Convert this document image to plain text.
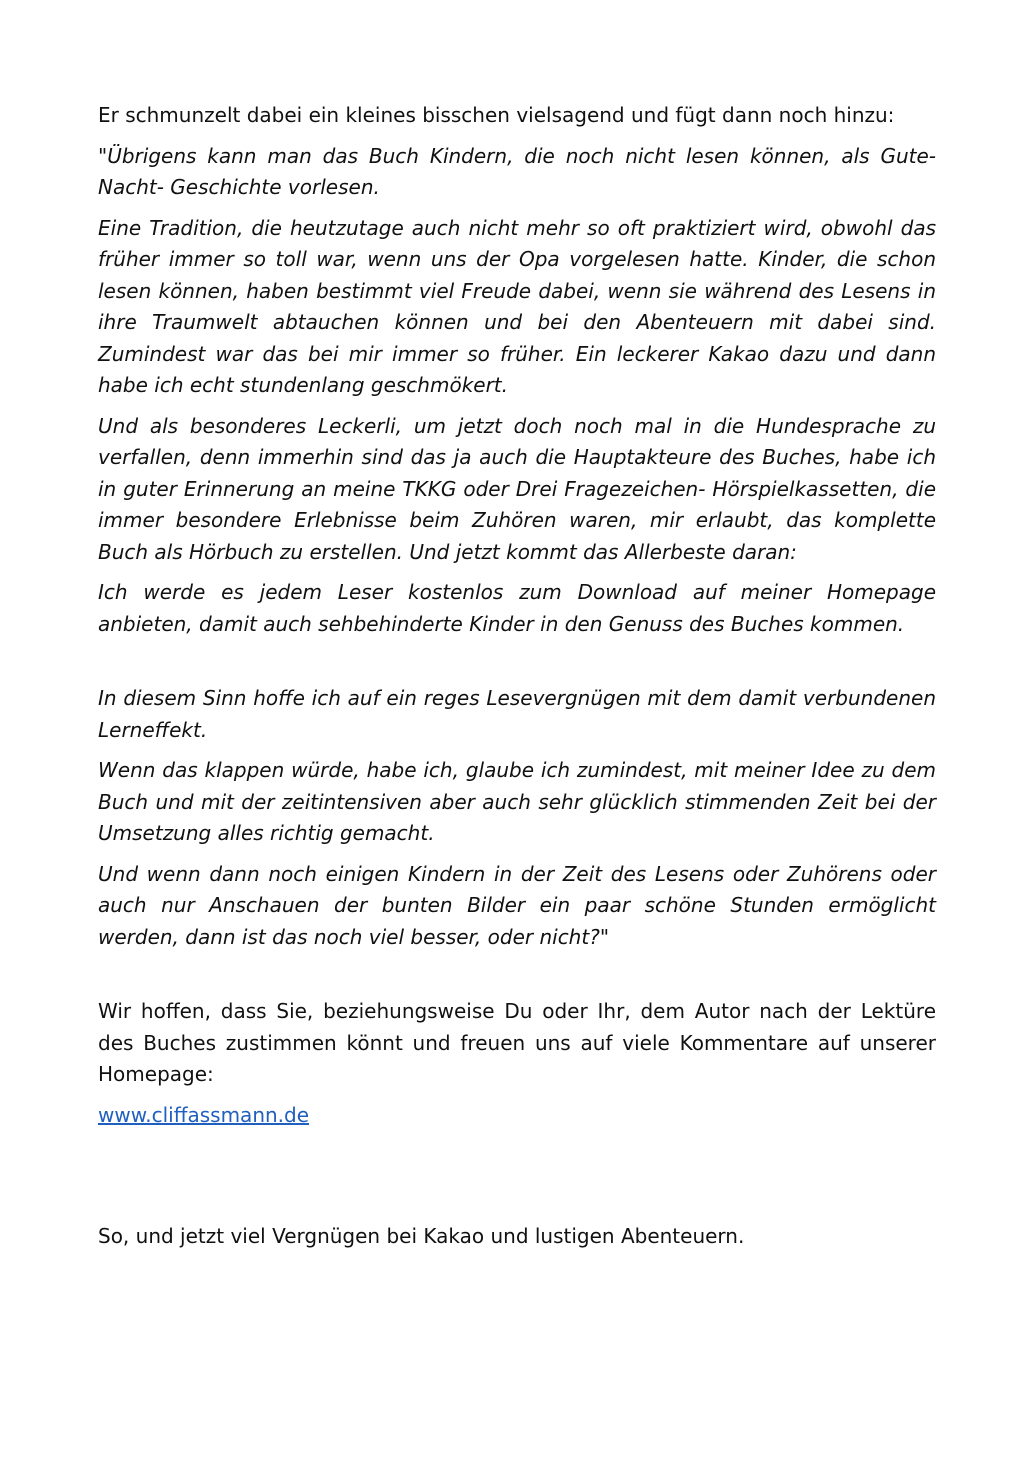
Er schmunzelt dabei ein kleines bisschen vielsagend und fügt dann noch hinzu:

"Übrigens kann man das Buch Kindern, die noch nicht lesen können, als Gute-Nacht- Geschichte vorlesen.

Eine Tradition, die heutzutage auch nicht mehr so oft praktiziert wird, obwohl das früher immer so toll war, wenn uns der Opa vorgelesen hatte. Kinder, die schon lesen können, haben bestimmt viel Freude dabei, wenn sie während des Lesens in ihre Traumwelt abtauchen können und bei den Abenteuern mit dabei sind. Zumindest war das bei mir immer so früher. Ein leckerer Kakao dazu und dann habe ich echt stundenlang geschmökert.

Und als besonderes Leckerli, um jetzt doch noch mal in die Hundesprache zu verfallen, denn immerhin sind das ja auch die Hauptakteure des Buches, habe ich in guter Erinnerung an meine TKKG oder Drei Fragezeichen- Hörspielkassetten, die immer besondere Erlebnisse beim Zuhören waren, mir erlaubt, das komplette Buch als Hörbuch zu erstellen. Und jetzt kommt das Allerbeste daran:

Ich werde es jedem Leser kostenlos zum Download auf meiner Homepage anbieten, damit auch sehbehinderte Kinder in den Genuss des Buches kommen.

In diesem Sinn hoffe ich auf ein reges Lesevergnügen mit dem damit verbundenen Lerneffekt.

Wenn das klappen würde, habe ich, glaube ich zumindest, mit meiner Idee zu dem Buch und mit der zeitintensiven aber auch sehr glücklich stimmenden Zeit bei der Umsetzung alles richtig gemacht.

Und wenn dann noch einigen Kindern in der Zeit des Lesens oder Zuhörens oder auch nur Anschauen der bunten Bilder ein paar schöne Stunden ermöglicht werden, dann ist das noch viel besser, oder nicht?"

Wir hoffen, dass Sie, beziehungsweise Du oder Ihr, dem Autor nach der Lektüre des Buches zustimmen könnt und freuen uns auf viele Kommentare auf unserer Homepage:

www.cliffassmann.de

So, und jetzt viel Vergnügen bei Kakao und lustigen Abenteuern.
